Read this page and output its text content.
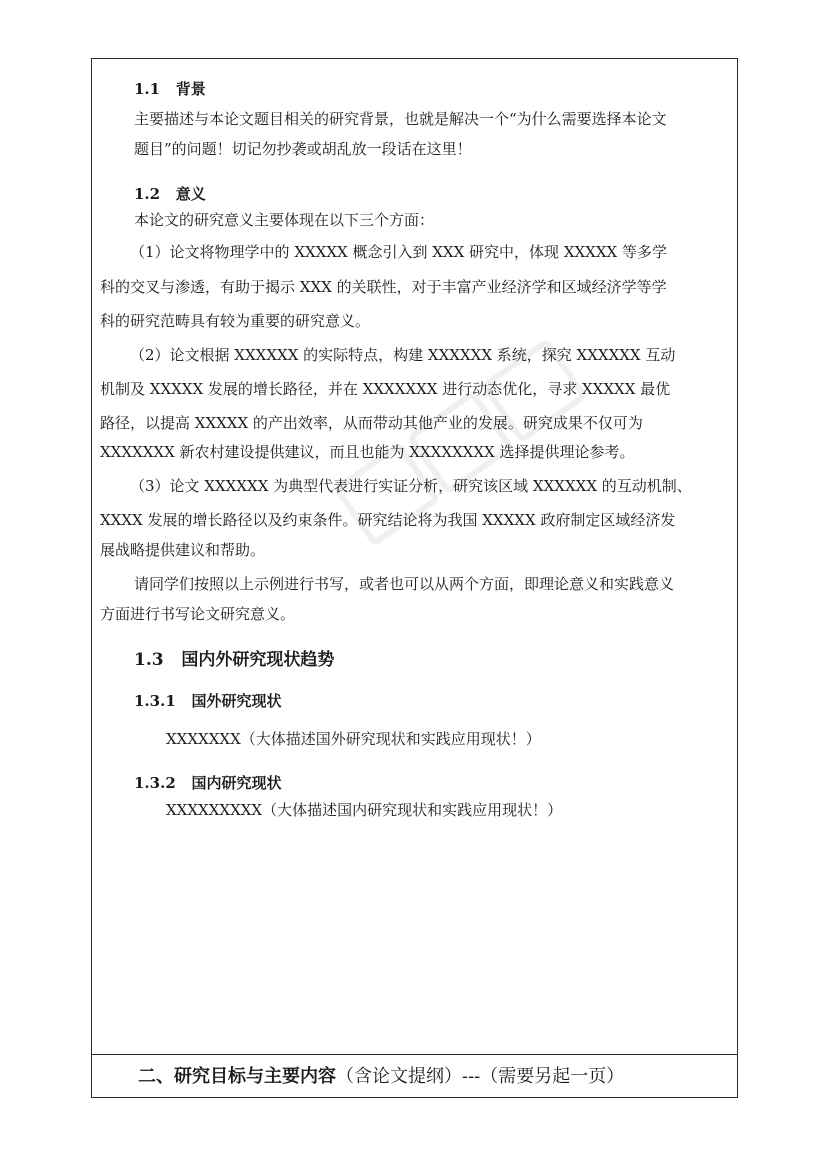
1.1 背景
主要描述与本论文题目相关的研究背景，也就是解决一个“为什么需要选择本论文
题目”的问题！切记勿抄袭或胡乱放一段话在这里！
1.2 意义
本论文的研究意义主要体现在以下三个方面：
（1）论文将物理学中的 XXXXX 概念引入到 XXX 研究中，体现 XXXXX 等多学
科的交叉与渗透，有助于揭示 XXX 的关联性，对于丰富产业经济学和区域经济学等学
科的研究范畴具有较为重要的研究意义。
（2）论文根据 XXXXXX 的实际特点，构建 XXXXXX 系统，探究 XXXXXX 互动
机制及 XXXXX 发展的增长路径，并在 XXXXXXX 进行动态优化，寻求 XXXXX 最优
路径，以提高 XXXXX 的产出效率，从而带动其他产业的发展。研究成果不仅可为
XXXXXXX 新农村建设提供建议，而且也能为 XXXXXXXX 选择提供理论参考。
（3）论文 XXXXXX 为典型代表进行实证分析，研究该区域 XXXXXX 的互动机制、
XXXX 发展的增长路径以及约束条件。研究结论将为我国 XXXXX 政府制定区域经济发
展战略提供建议和帮助。
请同学们按照以上示例进行书写，或者也可以从两个方面，即理论意义和实践意义
方面进行书写论文研究意义。
1.3 国内外研究现状趋势
1.3.1 国外研究现状
XXXXXXX（大体描述国外研究现状和实践应用现状！）
1.3.2 国内研究现状
XXXXXXXXX（大体描述国内研究现状和实践应用现状！）
二、研究目标与主要内容（含论文提纲）---（需要另起一页）
